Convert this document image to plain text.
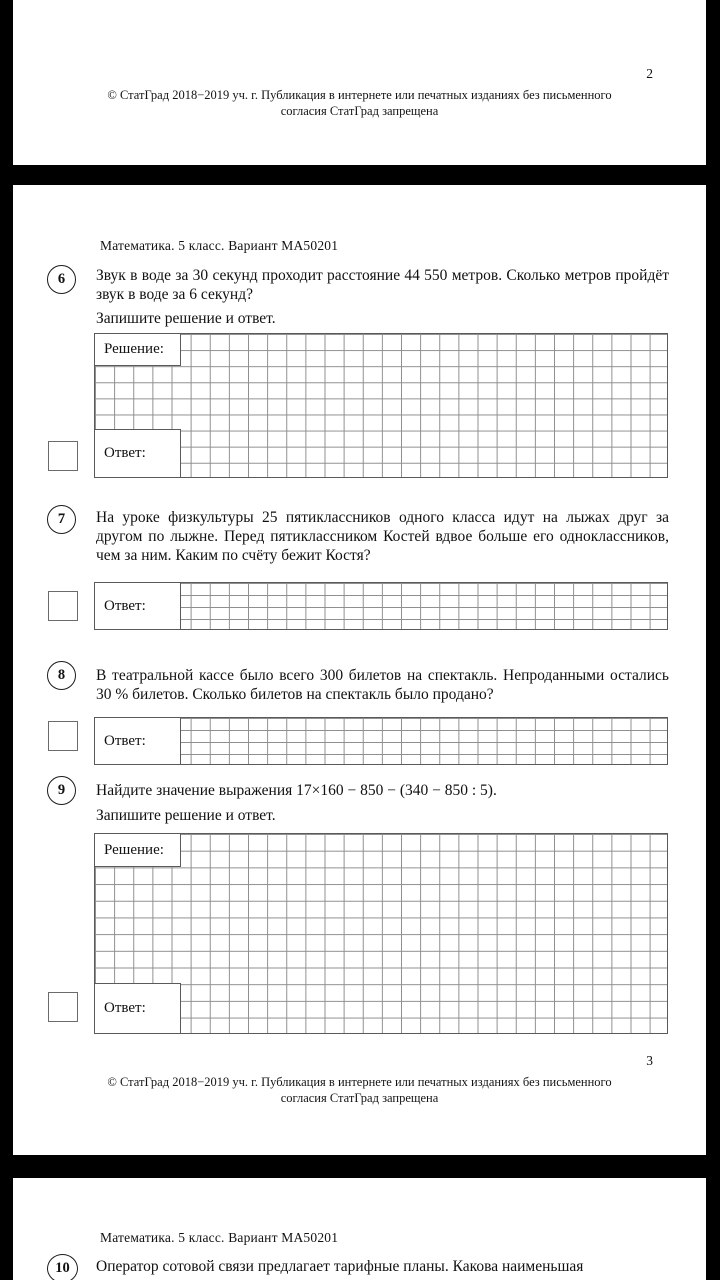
2
© СтатГрад 2018−2019 уч. г. Публикация в интернете или печатных изданиях без письменного
согласия СтатГрад запрещена
Математика. 5 класс. Вариант МА50201
6	Звук в воде за 30 секунд проходит расстояние 44 550 метров. Сколько метров пройдёт звук в воде за 6 секунд?
Запишите решение и ответ.
Решение:
Ответ:
7	На уроке физкультуры 25 пятиклассников одного класса идут на лыжах друг за другом по лыжне. Перед пятиклассником Костей вдвое больше его одноклассников, чем за ним. Каким по счёту бежит Костя?
Ответ:
8	В театральной кассе было всего 300 билетов на спектакль. Непроданными остались 30 % билетов. Сколько билетов на спектакль было продано?
Ответ:
9	Найдите значение выражения 17×160 − 850 − (340 − 850 : 5).
Запишите решение и ответ.
Решение:
Ответ:
3
© СтатГрад 2018−2019 уч. г. Публикация в интернете или печатных изданиях без письменного
согласия СтатГрад запрещена
Математика. 5 класс. Вариант МА50201
10	Оператор сотовой связи предлагает тарифные планы. Какова наименьшая
